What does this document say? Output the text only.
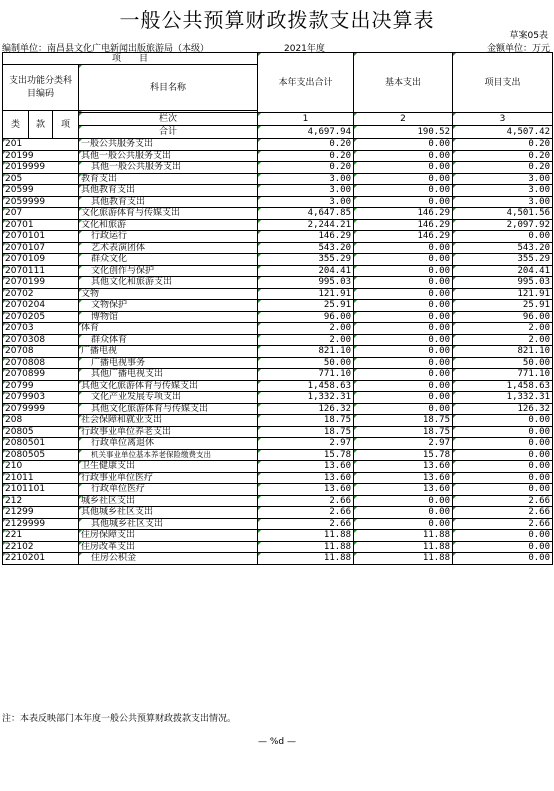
一般公共预算财政拨款支出决算表
草案05表
编制单位：南昌县文化广电新闻出版旅游局（本级）	2021年度	金额单位：万元
项　　目				本年支出合计	基本支出	项目支出
支出功能分类科目编码			科目名称			

类	款	项				
			栏次	1	2	3
			合计	4,697.94	190.52	4,507.42
201			一般公共服务支出	0.20	0.00	0.20
20199			其他一般公共服务支出	0.20	0.00	0.20
2019999			其他一般公共服务支出	0.20	0.00	0.20
205			教育支出	3.00	0.00	3.00
20599			其他教育支出	3.00	0.00	3.00
2059999			其他教育支出	3.00	0.00	3.00
207			文化旅游体育与传媒支出	4,647.85	146.29	4,501.56
20701			文化和旅游	2,244.21	146.29	2,097.92
2070101			行政运行	146.29	146.29	0.00
2070107			艺术表演团体	543.20	0.00	543.20
2070109			群众文化	355.29	0.00	355.29
2070111			文化创作与保护	204.41	0.00	204.41
2070199			其他文化和旅游支出	995.03	0.00	995.03
20702			文物	121.91	0.00	121.91
2070204			文物保护	25.91	0.00	25.91
2070205			博物馆	96.00	0.00	96.00
20703			体育	2.00	0.00	2.00
2070308			群众体育	2.00	0.00	2.00
20708			广播电视	821.10	0.00	821.10
2070808			广播电视事务	50.00	0.00	50.00
2070899			其他广播电视支出	771.10	0.00	771.10
20799			其他文化旅游体育与传媒支出	1,458.63	0.00	1,458.63
2079903			文化产业发展专项支出	1,332.31	0.00	1,332.31
2079999			其他文化旅游体育与传媒支出	126.32	0.00	126.32
208			社会保障和就业支出	18.75	18.75	0.00
20805			行政事业单位养老支出	18.75	18.75	0.00
2080501			行政单位离退休	2.97	2.97	0.00
2080505			机关事业单位基本养老保险缴费支出	15.78	15.78	0.00
210			卫生健康支出	13.60	13.60	0.00
21011			行政事业单位医疗	13.60	13.60	0.00
2101101			行政单位医疗	13.60	13.60	0.00
212			城乡社区支出	2.66	0.00	2.66
21299			其他城乡社区支出	2.66	0.00	2.66
2129999			其他城乡社区支出	2.66	0.00	2.66
221			住房保障支出	11.88	11.88	0.00
22102			住房改革支出	11.88	11.88	0.00
2210201			住房公积金	11.88	11.88	0.00
注：本表反映部门本年度一般公共预算财政拨款支出情况。
— %d —
